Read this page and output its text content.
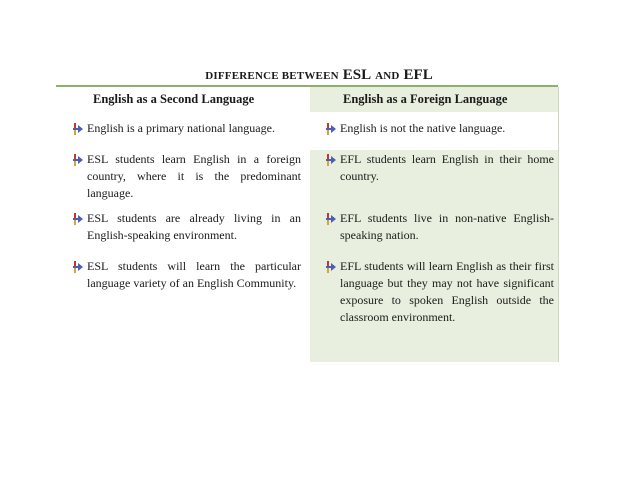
DIFFERENCE BETWEEN ESL AND EFL
English as a Second Language	English as a Foreign Language
English is a primary national language.	English is not the native language.
ESL students learn English in a foreign country, where it is the predominant language.
EFL students learn English in their home country.
ESL students are already living in an English-speaking environment.
EFL students live in non-native English-speaking nation.
ESL students will learn the particular language variety of an English Community.
EFL students will learn English as their first language but they may not have significant exposure to spoken English outside the classroom environment.
